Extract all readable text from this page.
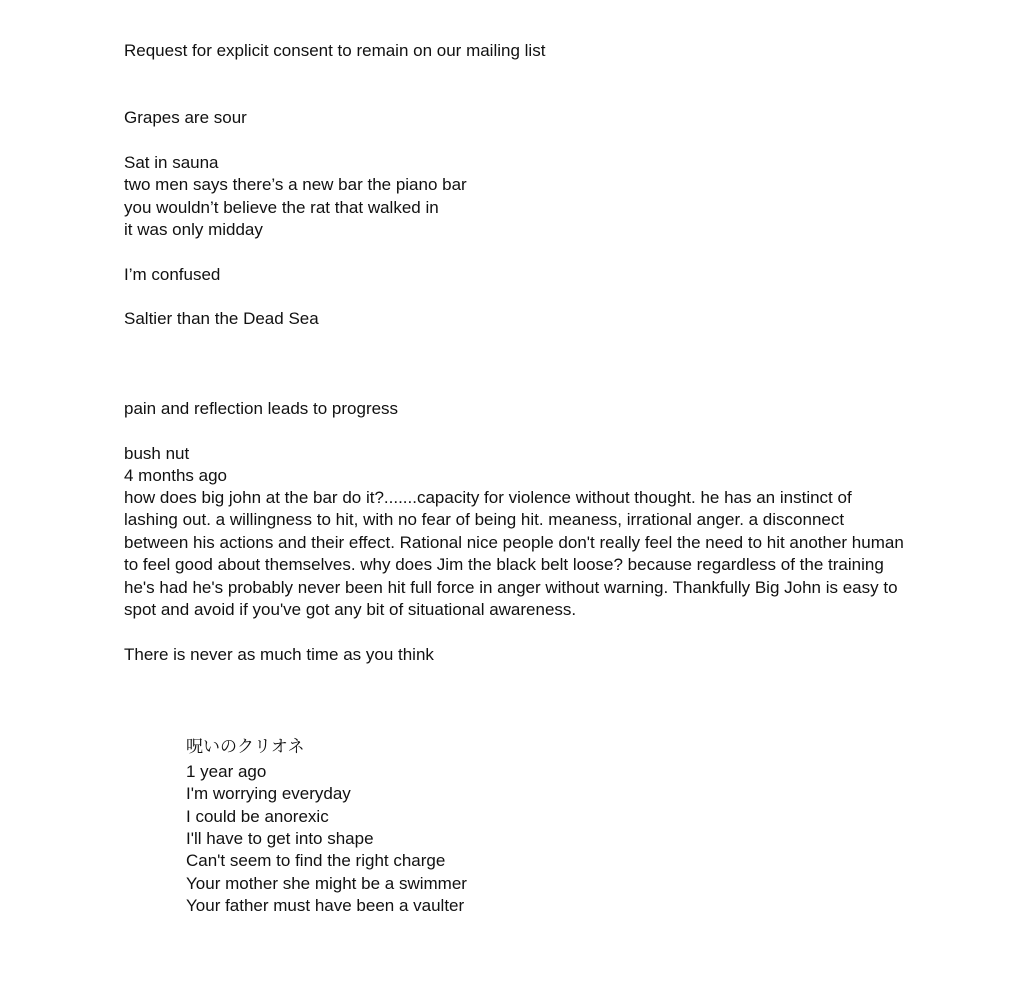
Request for explicit consent to remain on our mailing list
Grapes are sour
Sat in sauna
two men says there’s a new bar the piano bar
you wouldn’t believe the rat that walked in
it was only midday
I’m confused
Saltier than the Dead Sea
pain and reflection leads to progress
bush nut
4 months ago
how does big john at the bar do it?.......capacity for violence without thought. he has an instinct of lashing out. a willingness to hit, with no fear of being hit. meaness, irrational anger. a disconnect between his actions and their effect. Rational nice people don't really feel the need to hit another human to feel good about themselves. why does Jim the black belt loose? because regardless of the training he's had he's probably never been hit full force in anger without warning. Thankfully Big John is easy to spot and avoid if you've got any bit of situational awareness.
There is never as much time as you think
呪いのクリオネ
1 year ago
I'm worrying everyday
I could be anorexic
I'll have to get into shape
Can't seem to find the right charge
Your mother she might be a swimmer
Your father must have been a vaulter
